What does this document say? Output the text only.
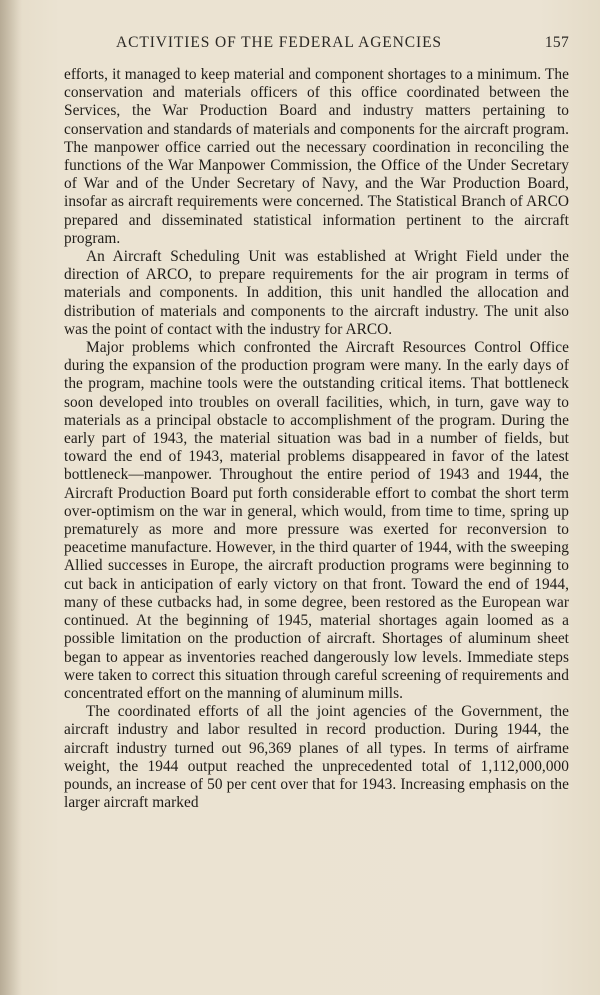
ACTIVITIES OF THE FEDERAL AGENCIES	157

efforts, it managed to keep material and component shortages to a minimum. The conservation and materials officers of this office coordinated between the Services, the War Production Board and industry matters pertaining to conservation and standards of materials and components for the aircraft program. The manpower office carried out the necessary coordination in reconciling the functions of the War Manpower Commission, the Office of the Under Secretary of War and of the Under Secretary of Navy, and the War Production Board, insofar as aircraft requirements were concerned. The Statistical Branch of ARCO prepared and disseminated statistical information pertinent to the aircraft program.

An Aircraft Scheduling Unit was established at Wright Field under the direction of ARCO, to prepare requirements for the air program in terms of materials and components. In addition, this unit handled the allocation and distribution of materials and components to the aircraft industry. The unit also was the point of contact with the industry for ARCO.

Major problems which confronted the Aircraft Resources Control Office during the expansion of the production program were many. In the early days of the program, machine tools were the outstanding critical items. That bottleneck soon developed into troubles on overall facilities, which, in turn, gave way to materials as a principal obstacle to accomplishment of the program. During the early part of 1943, the material situation was bad in a number of fields, but toward the end of 1943, material problems disappeared in favor of the latest bottleneck—manpower. Throughout the entire period of 1943 and 1944, the Aircraft Production Board put forth considerable effort to combat the short term over-optimism on the war in general, which would, from time to time, spring up prematurely as more and more pressure was exerted for reconversion to peacetime manufacture. However, in the third quarter of 1944, with the sweeping Allied successes in Europe, the aircraft production programs were beginning to cut back in anticipation of early victory on that front. Toward the end of 1944, many of these cutbacks had, in some degree, been restored as the European war continued. At the beginning of 1945, material shortages again loomed as a possible limitation on the production of aircraft. Shortages of aluminum sheet began to appear as inventories reached dangerously low levels. Immediate steps were taken to correct this situation through careful screening of requirements and concentrated effort on the manning of aluminum mills.

The coordinated efforts of all the joint agencies of the Government, the aircraft industry and labor resulted in record production. During 1944, the aircraft industry turned out 96,369 planes of all types. In terms of airframe weight, the 1944 output reached the unprecedented total of 1,112,000,000 pounds, an increase of 50 per cent over that for 1943. Increasing emphasis on the larger aircraft marked
